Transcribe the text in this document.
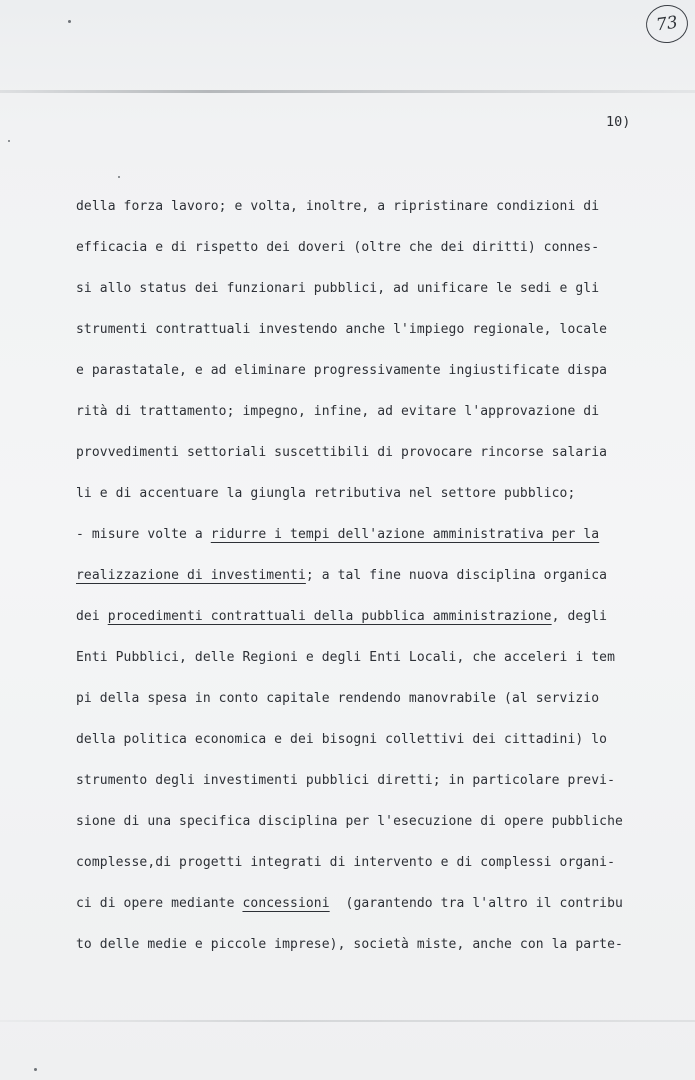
73
10)
della forza lavoro; e volta, inoltre, a ripristinare condizioni di
efficacia e di rispetto dei doveri (oltre che dei diritti) connes-
si allo status dei funzionari pubblici, ad unificare le sedi e gli
strumenti contrattuali investendo anche l'impiego regionale, locale
e parastatale, e ad eliminare progressivamente ingiustificate dispa
rità di trattamento; impegno, infine, ad evitare l'approvazione di
provvedimenti settoriali suscettibili di provocare rincorse salaria
li e di accentuare la giungla retributiva nel settore pubblico;
- misure volte a ridurre i tempi dell'azione amministrativa per la
realizzazione di investimenti; a tal fine nuova disciplina organica
dei procedimenti contrattuali della pubblica amministrazione, degli
Enti Pubblici, delle Regioni e degli Enti Locali, che acceleri i tem
pi della spesa in conto capitale rendendo manovrabile (al servizio
della politica economica e dei bisogni collettivi dei cittadini) lo
strumento degli investimenti pubblici diretti; in particolare previ-
sione di una specifica disciplina per l'esecuzione di opere pubbliche
complesse,di progetti integrati di intervento e di complessi organi-
ci di opere mediante concessioni  (garantendo tra l'altro il contribu
to delle medie e piccole imprese), società miste, anche con la parte-
